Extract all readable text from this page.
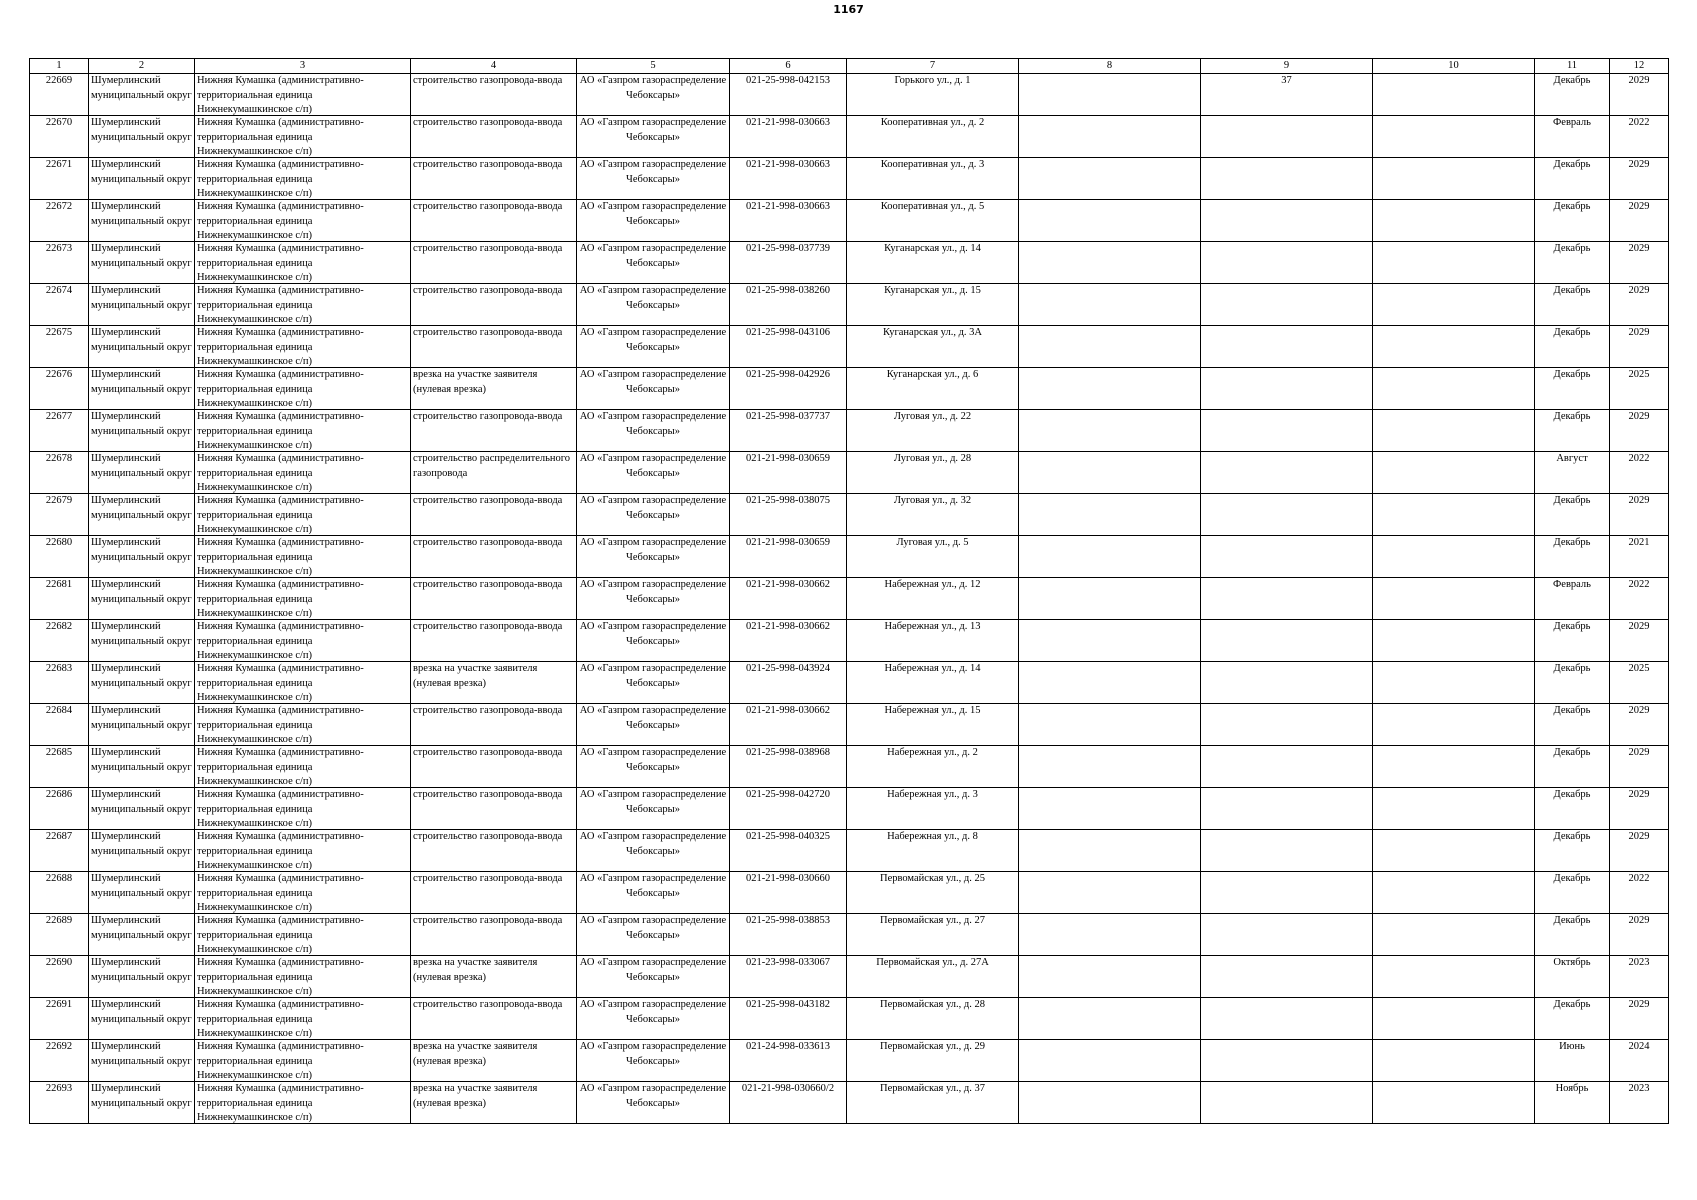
1167
1	2	3	4	5	6	7	8	9	10	11	12

22669	Шумерлинский муниципальный округ	Нижняя Кумашка (административно-территориальная единица Нижнекумашкинское с/п)	строительство газопровода-ввода	АО «Газпром газораспределение Чебоксары»	021-25-998-042153	Горького ул., д. 1		37		Декабрь	2029

22670	Шумерлинский муниципальный округ	Нижняя Кумашка (административно-территориальная единица Нижнекумашкинское с/п)	строительство газопровода-ввода	АО «Газпром газораспределение Чебоксары»	021-21-998-030663	Кооперативная ул., д. 2				Февраль	2022

22671	Шумерлинский муниципальный округ	Нижняя Кумашка (административно-территориальная единица Нижнекумашкинское с/п)	строительство газопровода-ввода	АО «Газпром газораспределение Чебоксары»	021-21-998-030663	Кооперативная ул., д. 3				Декабрь	2029

22672	Шумерлинский муниципальный округ	Нижняя Кумашка (административно-территориальная единица Нижнекумашкинское с/п)	строительство газопровода-ввода	АО «Газпром газораспределение Чебоксары»	021-21-998-030663	Кооперативная ул., д. 5				Декабрь	2029

22673	Шумерлинский муниципальный округ	Нижняя Кумашка (административно-территориальная единица Нижнекумашкинское с/п)	строительство газопровода-ввода	АО «Газпром газораспределение Чебоксары»	021-25-998-037739	Куганарская ул., д. 14				Декабрь	2029

22674	Шумерлинский муниципальный округ	Нижняя Кумашка (административно-территориальная единица Нижнекумашкинское с/п)	строительство газопровода-ввода	АО «Газпром газораспределение Чебоксары»	021-25-998-038260	Куганарская ул., д. 15				Декабрь	2029

22675	Шумерлинский муниципальный округ	Нижняя Кумашка (административно-территориальная единица Нижнекумашкинское с/п)	строительство газопровода-ввода	АО «Газпром газораспределение Чебоксары»	021-25-998-043106	Куганарская ул., д. 3А				Декабрь	2029

22676	Шумерлинский муниципальный округ	Нижняя Кумашка (административно-территориальная единица Нижнекумашкинское с/п)	врезка на участке заявителя (нулевая врезка)	АО «Газпром газораспределение Чебоксары»	021-25-998-042926	Куганарская ул., д. 6				Декабрь	2025

22677	Шумерлинский муниципальный округ	Нижняя Кумашка (административно-территориальная единица Нижнекумашкинское с/п)	строительство газопровода-ввода	АО «Газпром газораспределение Чебоксары»	021-25-998-037737	Луговая ул., д. 22				Декабрь	2029

22678	Шумерлинский муниципальный округ	Нижняя Кумашка (административно-территориальная единица Нижнекумашкинское с/п)	строительство распределительного газопровода	АО «Газпром газораспределение Чебоксары»	021-21-998-030659	Луговая ул., д. 28				Август	2022

22679	Шумерлинский муниципальный округ	Нижняя Кумашка (административно-территориальная единица Нижнекумашкинское с/п)	строительство газопровода-ввода	АО «Газпром газораспределение Чебоксары»	021-25-998-038075	Луговая ул., д. 32				Декабрь	2029

22680	Шумерлинский муниципальный округ	Нижняя Кумашка (административно-территориальная единица Нижнекумашкинское с/п)	строительство газопровода-ввода	АО «Газпром газораспределение Чебоксары»	021-21-998-030659	Луговая ул., д. 5				Декабрь	2021

22681	Шумерлинский муниципальный округ	Нижняя Кумашка (административно-территориальная единица Нижнекумашкинское с/п)	строительство газопровода-ввода	АО «Газпром газораспределение Чебоксары»	021-21-998-030662	Набережная ул., д. 12				Февраль	2022

22682	Шумерлинский муниципальный округ	Нижняя Кумашка (административно-территориальная единица Нижнекумашкинское с/п)	строительство газопровода-ввода	АО «Газпром газораспределение Чебоксары»	021-21-998-030662	Набережная ул., д. 13				Декабрь	2029

22683	Шумерлинский муниципальный округ	Нижняя Кумашка (административно-территориальная единица Нижнекумашкинское с/п)	врезка на участке заявителя (нулевая врезка)	АО «Газпром газораспределение Чебоксары»	021-25-998-043924	Набережная ул., д. 14				Декабрь	2025

22684	Шумерлинский муниципальный округ	Нижняя Кумашка (административно-территориальная единица Нижнекумашкинское с/п)	строительство газопровода-ввода	АО «Газпром газораспределение Чебоксары»	021-21-998-030662	Набережная ул., д. 15				Декабрь	2029

22685	Шумерлинский муниципальный округ	Нижняя Кумашка (административно-территориальная единица Нижнекумашкинское с/п)	строительство газопровода-ввода	АО «Газпром газораспределение Чебоксары»	021-25-998-038968	Набережная ул., д. 2				Декабрь	2029

22686	Шумерлинский муниципальный округ	Нижняя Кумашка (административно-территориальная единица Нижнекумашкинское с/п)	строительство газопровода-ввода	АО «Газпром газораспределение Чебоксары»	021-25-998-042720	Набережная ул., д. 3				Декабрь	2029

22687	Шумерлинский муниципальный округ	Нижняя Кумашка (административно-территориальная единица Нижнекумашкинское с/п)	строительство газопровода-ввода	АО «Газпром газораспределение Чебоксары»	021-25-998-040325	Набережная ул., д. 8				Декабрь	2029

22688	Шумерлинский муниципальный округ	Нижняя Кумашка (административно-территориальная единица Нижнекумашкинское с/п)	строительство газопровода-ввода	АО «Газпром газораспределение Чебоксары»	021-21-998-030660	Первомайская ул., д. 25				Декабрь	2022

22689	Шумерлинский муниципальный округ	Нижняя Кумашка (административно-территориальная единица Нижнекумашкинское с/п)	строительство газопровода-ввода	АО «Газпром газораспределение Чебоксары»	021-25-998-038853	Первомайская ул., д. 27				Декабрь	2029

22690	Шумерлинский муниципальный округ	Нижняя Кумашка (административно-территориальная единица Нижнекумашкинское с/п)	врезка на участке заявителя (нулевая врезка)	АО «Газпром газораспределение Чебоксары»	021-23-998-033067	Первомайская ул., д. 27А				Октябрь	2023

22691	Шумерлинский муниципальный округ	Нижняя Кумашка (административно-территориальная единица Нижнекумашкинское с/п)	строительство газопровода-ввода	АО «Газпром газораспределение Чебоксары»	021-25-998-043182	Первомайская ул., д. 28				Декабрь	2029

22692	Шумерлинский муниципальный округ	Нижняя Кумашка (административно-территориальная единица Нижнекумашкинское с/п)	врезка на участке заявителя (нулевая врезка)	АО «Газпром газораспределение Чебоксары»	021-24-998-033613	Первомайская ул., д. 29				Июнь	2024

22693	Шумерлинский муниципальный округ	Нижняя Кумашка (административно-территориальная единица Нижнекумашкинское с/п)	врезка на участке заявителя (нулевая врезка)	АО «Газпром газораспределение Чебоксары»	021-21-998-030660/2	Первомайская ул., д. 37				Ноябрь	2023
